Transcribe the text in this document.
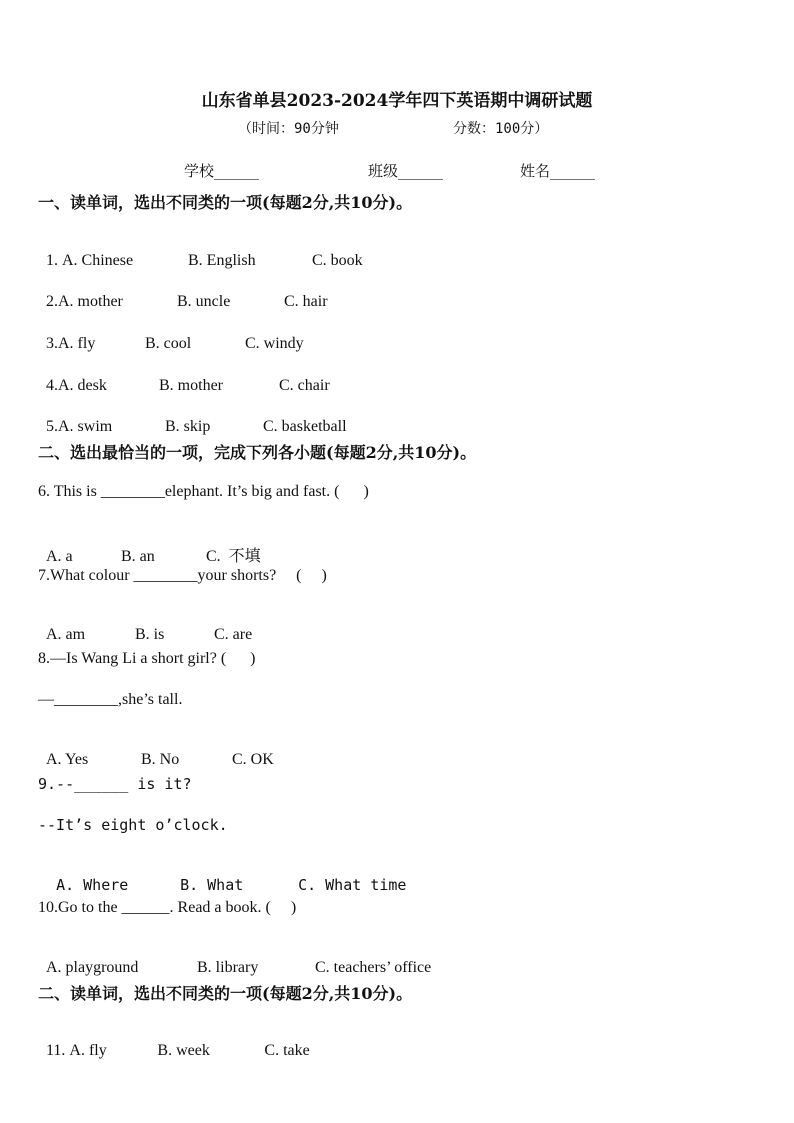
山东省单县2023-2024学年四下英语期中调研试题
（时间：90分钟	分数：100分）
学校______	班级______	姓名______
一、读单词，选出不同类的一项(每题2分,共10分)。

1. A. Chinese	B. English	C. book

2.A. mother	B. uncle	C. hair

3.A. fly	B. cool	C. windy

4.A. desk	B. mother	C. chair

5.A. swim	B. skip	C. basketball

二、选出最恰当的一项，完成下列各小题(每题2分,共10分)。
6. This is ________elephant. It’s big and fast. (      )

A. a	B. an	C.  不填

7.What colour ________your shorts?     (     )

A. am	B. is	C. are

8.—Is Wang Li a short girl? (      )
—________,she’s tall.

A. Yes	B. No	C. OK

9.--______ is it?
--It’s eight o’clock.

A. Where	B. What	C. What time

10.Go to the ______. Read a book. (     )

A. playground	B. library	C. teachers’ office

二、读单词，选出不同类的一项(每题2分,共10分)。

11. A. fly	B. week	C. take
